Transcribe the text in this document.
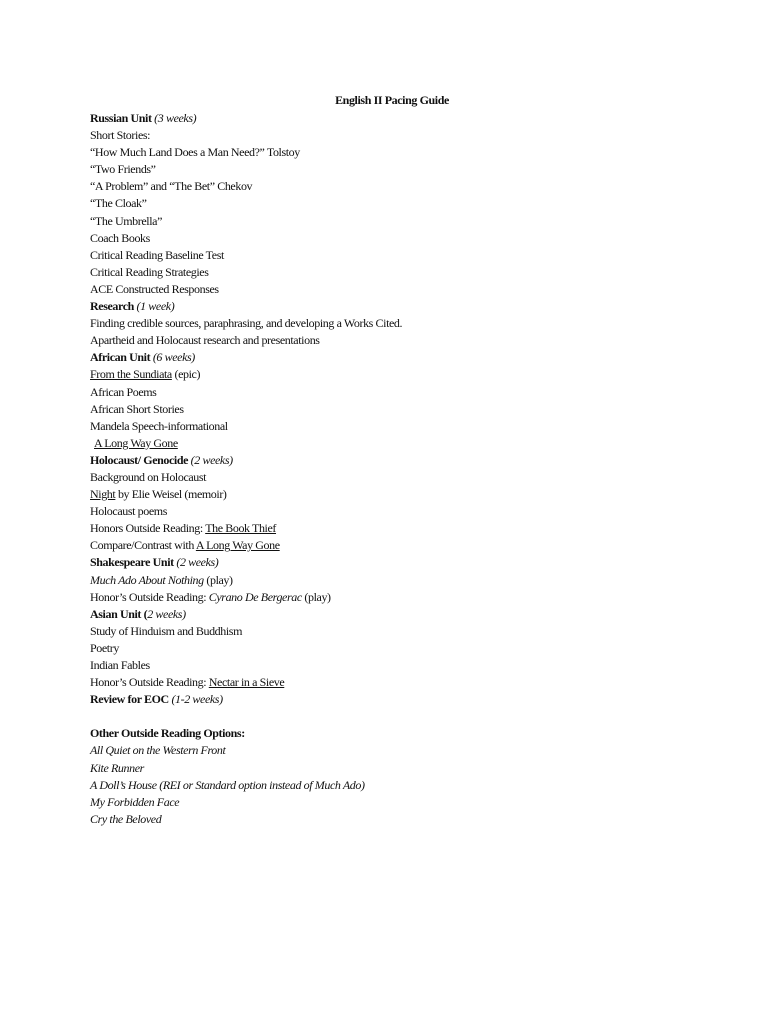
English II Pacing Guide
Russian Unit (3 weeks)
Short Stories:
“How Much Land Does a Man Need?” Tolstoy
“Two Friends”
“A Problem” and “The Bet” Chekov
“The Cloak”
“The Umbrella”
Coach Books
Critical Reading Baseline Test
Critical Reading Strategies
ACE Constructed Responses
Research (1 week)
Finding credible sources, paraphrasing, and developing a Works Cited.
Apartheid and Holocaust research and presentations
African Unit (6 weeks)
From the Sundiata (epic)
African Poems
African Short Stories
Mandela Speech-informational
A Long Way Gone
Holocaust/ Genocide (2 weeks)
Background on Holocaust
Night by Elie Weisel (memoir)
Holocaust poems
Honors Outside Reading: The Book Thief
Compare/Contrast with A Long Way Gone
Shakespeare Unit (2 weeks)
Much Ado About Nothing (play)
Honor’s Outside Reading: Cyrano De Bergerac (play)
Asian Unit (2 weeks)
Study of Hinduism and Buddhism
Poetry
Indian Fables
Honor’s Outside Reading: Nectar in a Sieve
Review for EOC (1-2 weeks)
Other Outside Reading Options:
All Quiet on the Western Front
Kite Runner
A Doll’s House (REI or Standard option instead of Much Ado)
My Forbidden Face
Cry the Beloved
